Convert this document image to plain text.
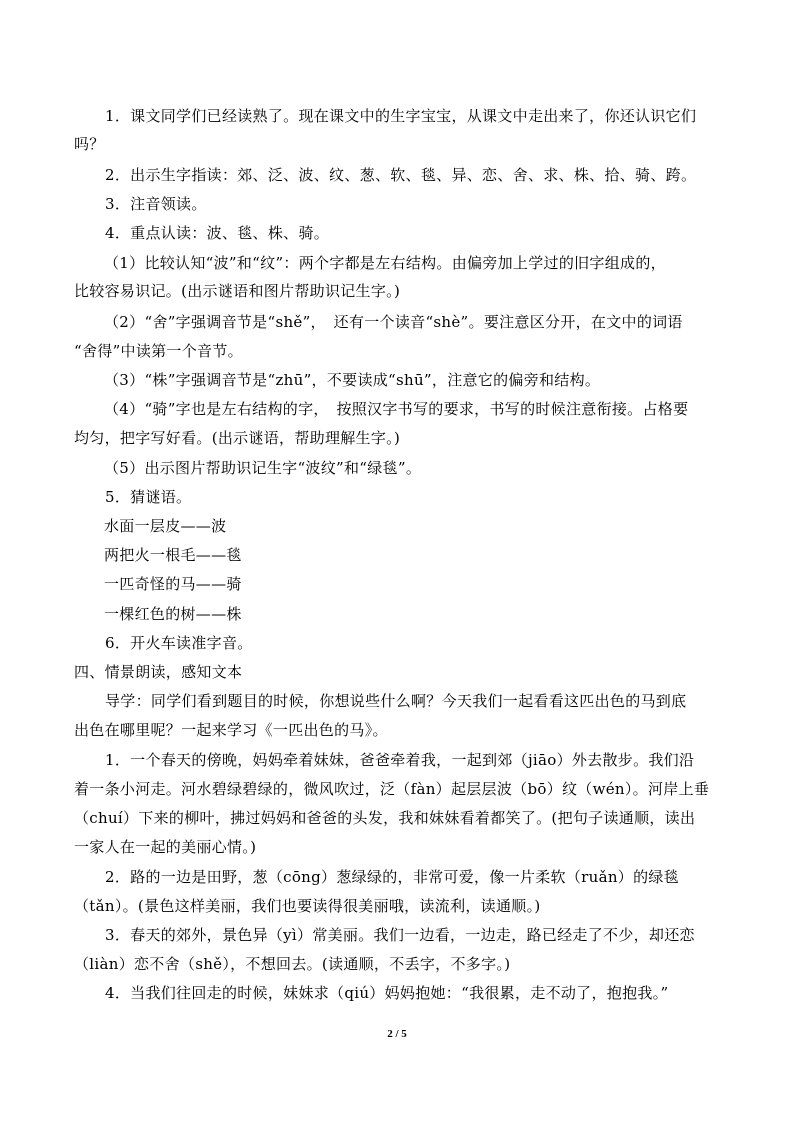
1．课文同学们已经读熟了。现在课文中的生字宝宝，从课文中走出来了，你还认识它们
吗？
2．出示生字指读：郊、泛、波、纹、葱、软、毯、异、恋、舍、求、株、拾、骑、跨。
3．注音领读。
4．重点认读：波、毯、株、骑。
（1）比较认知“波”和“纹”：两个字都是左右结构。由偏旁加上学过的旧字组成的，
比较容易识记。(出示谜语和图片帮助识记生字。)
（2）“舍”字强调音节是“shě”，　还有一个读音“shè”。要注意区分开，在文中的词语
“舍得”中读第一个音节。
（3）“株”字强调音节是“zhū”，不要读成“shū”，注意它的偏旁和结构。
（4）“骑”字也是左右结构的字，　按照汉字书写的要求，书写的时候注意衔接。占格要
均匀，把字写好看。(出示谜语，帮助理解生字。)
（5）出示图片帮助识记生字“波纹”和“绿毯”。
5．猜谜语。
水面一层皮——波
两把火一根毛——毯
一匹奇怪的马——骑
一棵红色的树——株
6．开火车读准字音。
四、情景朗读，感知文本
导学：同学们看到题目的时候，你想说些什么啊？今天我们一起看看这匹出色的马到底
出色在哪里呢？一起来学习《一匹出色的马》。
1．一个春天的傍晚，妈妈牵着妹妹，爸爸牵着我，一起到郊（jiāo）外去散步。我们沿
着一条小河走。河水碧绿碧绿的，微风吹过，泛（fàn）起层层波（bō）纹（wén）。河岸上垂
（chuí）下来的柳叶，拂过妈妈和爸爸的头发，我和妹妹看着都笑了。(把句子读通顺，读出
一家人在一起的美丽心情。)
2．路的一边是田野，葱（cōng）葱绿绿的，非常可爱，像一片柔软（ruǎn）的绿毯
（tǎn）。(景色这样美丽，我们也要读得很美丽哦，读流利，读通顺。)
3．春天的郊外，景色异（yì）常美丽。我们一边看，一边走，路已经走了不少，却还恋
（liàn）恋不舍（shě），不想回去。(读通顺，不丢字，不多字。)
4．当我们往回走的时候，妹妹求（qiú）妈妈抱她：“我很累，走不动了，抱抱我。”
2 / 5
